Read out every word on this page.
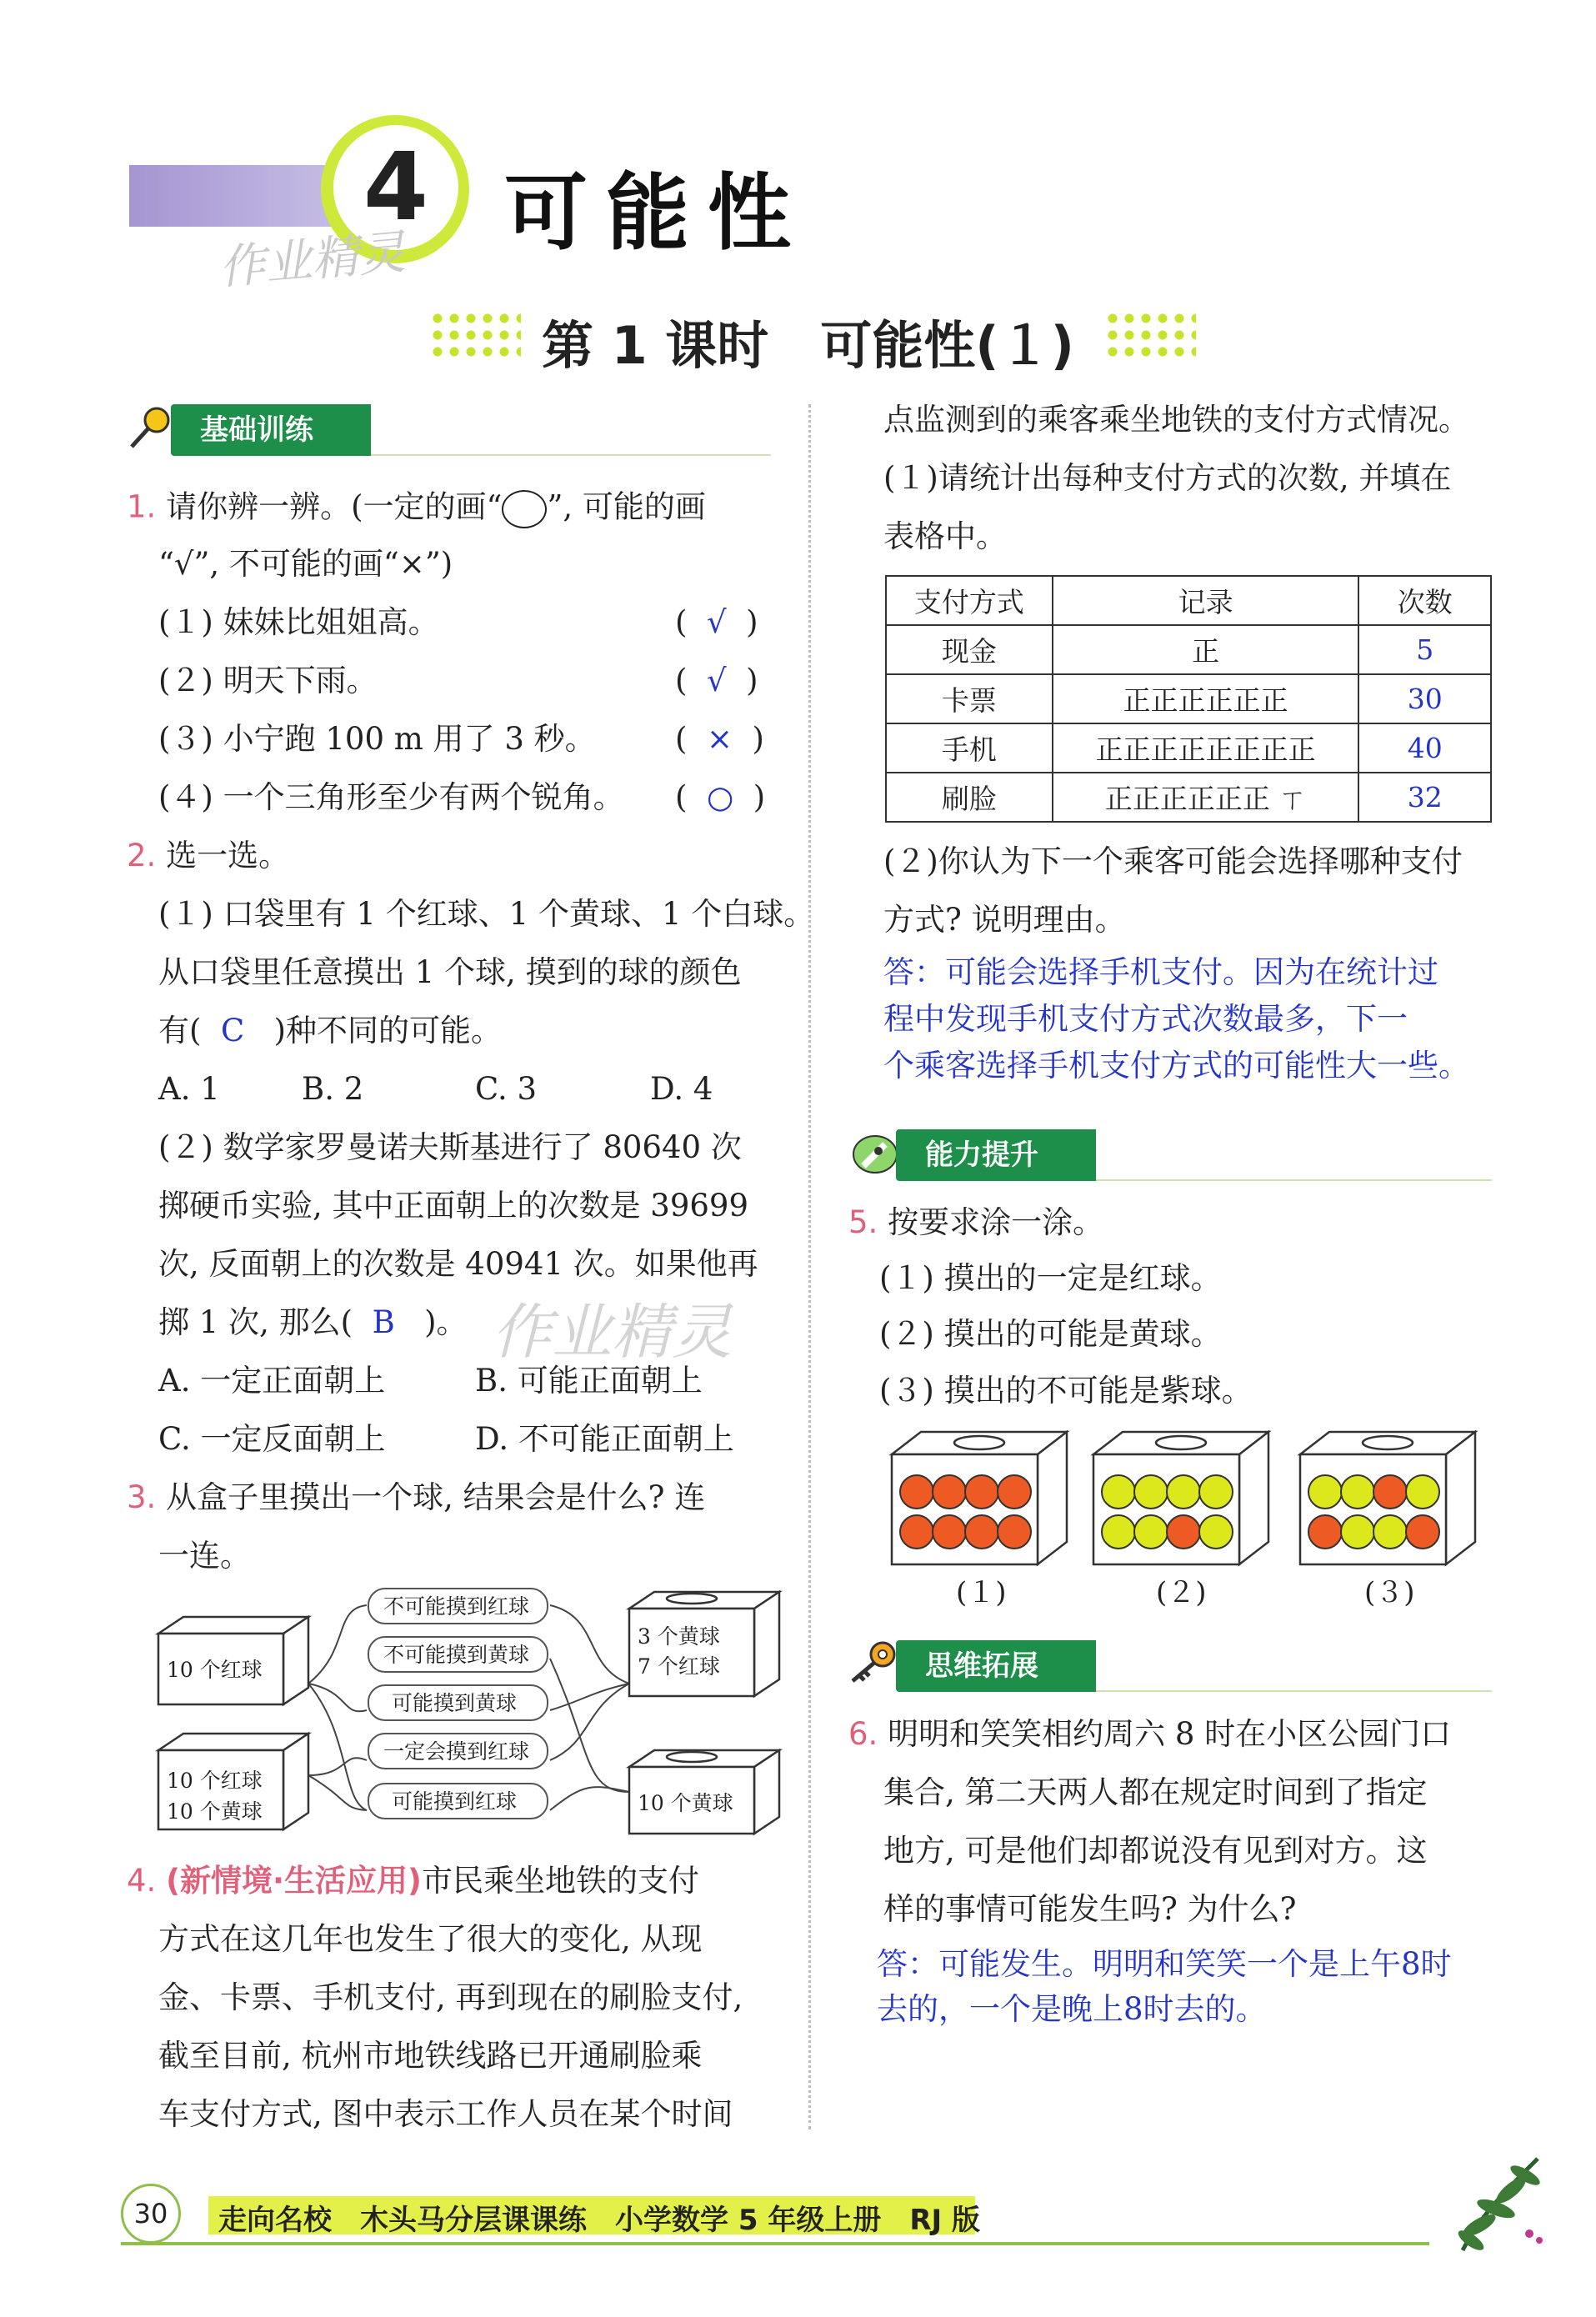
4 可能性
作业精灵
第 1 课时　可能性(１)
基础训练
1. 请你辨一辨。(一定的画“ ”, 可能的画
“√”, 不可能的画“×”)
(１) 妹妹比姐姐高。	(  √  )
(２) 明天下雨。	(  √  )
(３) 小宁跑 100 m 用了 3 秒。	(  ×  )
(４) 一个三角形至少有两个锐角。 (  ○  )
2. 选一选。
(１) 口袋里有 1 个红球、1 个黄球、1 个白球。
从口袋里任意摸出 1 个球, 摸到的球的颜色
有( C )种不同的可能。
A. 1	B. 2	C. 3	D. 4
(２) 数学家罗曼诺夫斯基进行了 80640 次
掷硬币实验, 其中正面朝上的次数是 39699
次, 反面朝上的次数是 40941 次。如果他再
掷 1 次, 那么( B )。 作业精灵
A. 一定正面朝上	B. 可能正面朝上
C. 一定反面朝上	D. 不可能正面朝上
3. 从盒子里摸出一个球, 结果会是什么? 连
一连。
10 个红球
10 个红球
10 个黄球
3 个黄球
7 个红球
10 个黄球
不可能摸到红球
不可能摸到黄球
可能摸到黄球
一定会摸到红球
可能摸到红球
4. (新情境·生活应用)市民乘坐地铁的支付
方式在这几年也发生了很大的变化, 从现
金、卡票、手机支付, 再到现在的刷脸支付,
截至目前, 杭州市地铁线路已开通刷脸乘
车支付方式, 图中表示工作人员在某个时间
点监测到的乘客乘坐地铁的支付方式情况。
(１)请统计出每种支付方式的次数, 并填在
表格中。
支付方式	记录	次数
现金	正	5
卡票	正正正正正正	30
手机	正正正正正正正正	40
刷脸	正正正正正正 ㄒ	32
(２)你认为下一个乘客可能会选择哪种支付
方式? 说明理由。
答：可能会选择手机支付。因为在统计过
程中发现手机支付方式次数最多，下一
个乘客选择手机支付方式的可能性大一些。
能力提升
5. 按要求涂一涂。
(１) 摸出的一定是红球。
(２) 摸出的可能是黄球。
(３) 摸出的不可能是紫球。
(１)	(２)	(３)
思维拓展
6. 明明和笑笑相约周六 8 时在小区公园门口
集合, 第二天两人都在规定时间到了指定
地方, 可是他们却都说没有见到对方。这
样的事情可能发生吗? 为什么?
答：可能发生。明明和笑笑一个是上午8时
去的，一个是晚上8时去的。
30 走向名校　木头马分层课课练　小学数学 5 年级上册　RJ 版
